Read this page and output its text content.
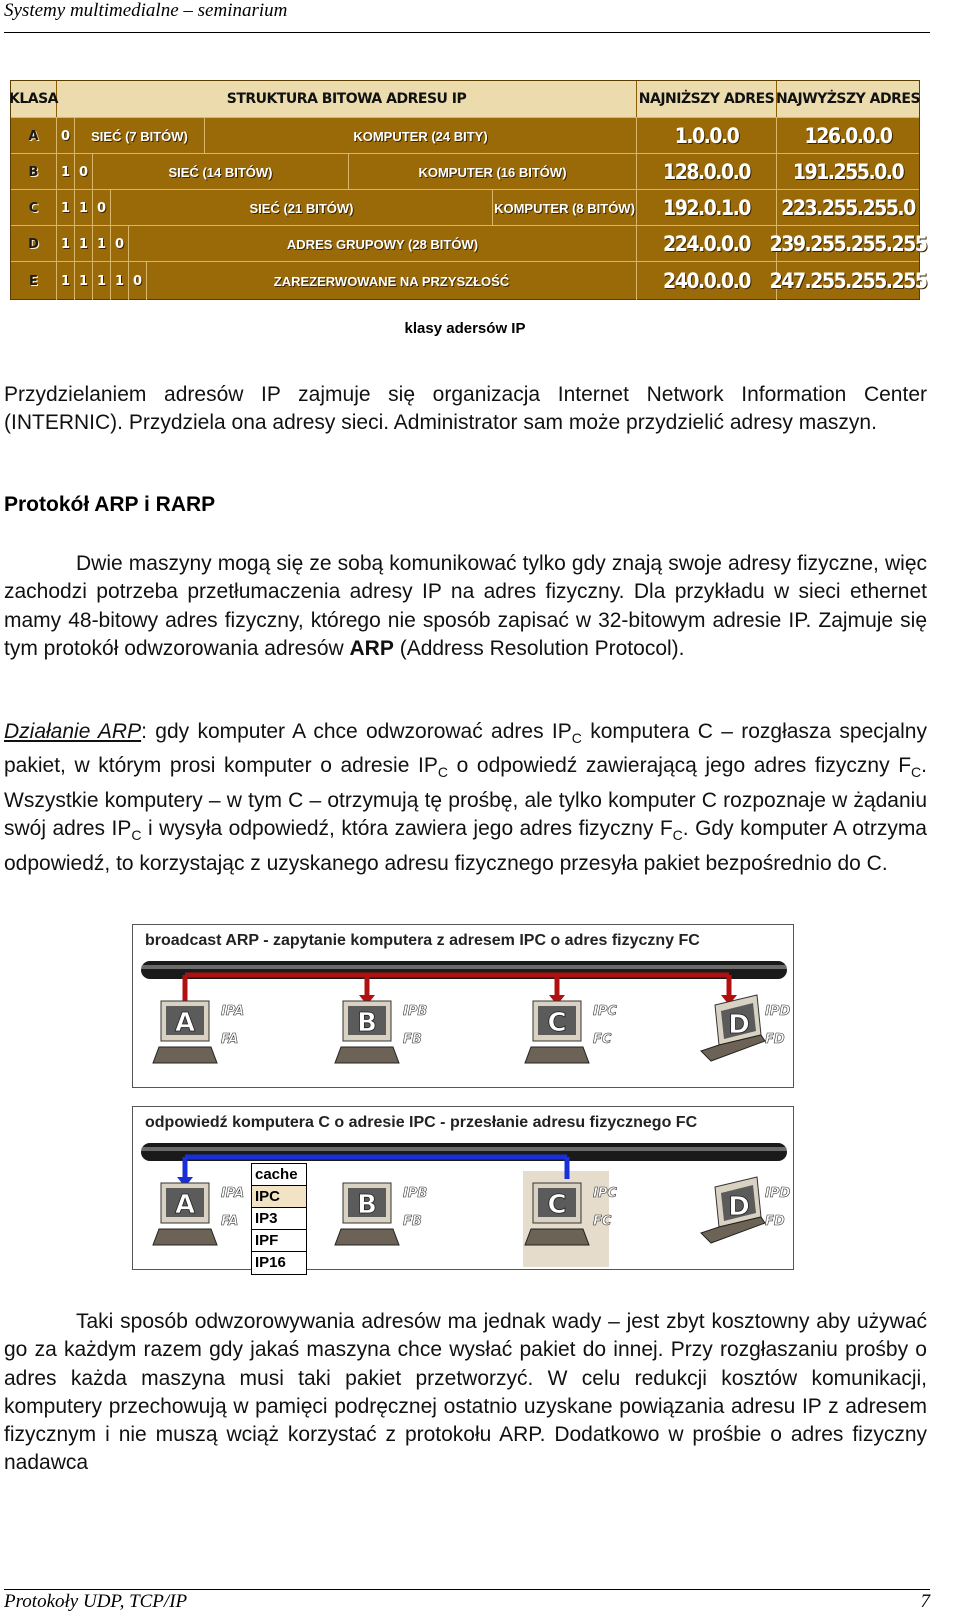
Systemy multimedialne – seminarium
KLASA	STRUKTURA BITOWA ADRESU IP	NAJNIŻSZY ADRES NAJWYŻSZY ADRES
A	0	SIEĆ (7 BITÓW)	KOMPUTER (24 BITY)	1.0.0.0	126.0.0.0
B	1 0	SIEĆ (14 BITÓW)	KOMPUTER (16 BITÓW)	128.0.0.0	191.255.0.0
C	1 1 0	SIEĆ (21 BITÓW)	KOMPUTER (8 BITÓW)	192.0.1.0	223.255.255.0
D	1 1 1 0	ADRES GRUPOWY (28 BITÓW)	224.0.0.0 239.255.255.255
E	1 1 1 1 0	ZAREZERWOWANE NA PRZYSZŁOŚĆ	240.0.0.0 247.255.255.255
klasy adersów IP
Przydzielaniem adresów IP zajmuje się organizacja Internet Network Information Center (INTERNIC). Przydziela ona adresy sieci. Administrator sam może przydzielić adresy maszyn.
Protokół ARP i RARP
Dwie maszyny mogą się ze sobą komunikować tylko gdy znają swoje adresy fizyczne, więc zachodzi potrzeba przetłumaczenia adresy IP na adres fizyczny. Dla przykładu w sieci ethernet mamy 48-bitowy adres fizyczny, którego nie sposób zapisać w 32-bitowym adresie IP. Zajmuje się tym protokół odwzorowania adresów ARP (Address Resolution Protocol).
Działanie ARP: gdy komputer A chce odwzorować adres $IP_C$ komputera C – rozgłasza specjalny pakiet, w którym prosi komputer o adresie $IP_C$ o odpowiedź zawierającą jego adres fizyczny $F_C$. Wszystkie komputery – w tym C – otrzymują tę prośbę, ale tylko komputer C rozpoznaje w żądaniu swój adres $IP_C$ i wysyła odpowiedź, która zawiera jego adres fizyczny $F_C$. Gdy komputer A otrzyma odpowiedź, to korzystając z uzyskanego adresu fizycznego przesyła pakiet bezpośrednio do C.
broadcast ARP - zapytanie komputera z adresem IPC o adres fizyczny FC
A IPA
FA
B IPB
FB
C IPC
FC	D IPD
FD
odpowiedź komputera C o adresie IPC - przesłanie adresu fizycznego FC
A IPA
FA
B IPB
FB
C IPC
FC	D IPD
FD
cache
IPC
IP3
IPF
IP16
Taki sposób odwzorowywania adresów ma jednak wady – jest zbyt kosztowny aby używać go za każdym razem gdy jakaś maszyna chce wysłać pakiet do innej. Przy rozgłaszaniu prośby o adres każda maszyna musi taki pakiet przetworzyć. W celu redukcji kosztów komunikacji, komputery przechowują w pamięci podręcznej ostatnio uzyskane powiązania adresu IP z adresem fizycznym i nie muszą wciąż korzystać z protokołu ARP. Dodatkowo w prośbie o adres fizyczny nadawca
Protokoły UDP, TCP/IP	7
